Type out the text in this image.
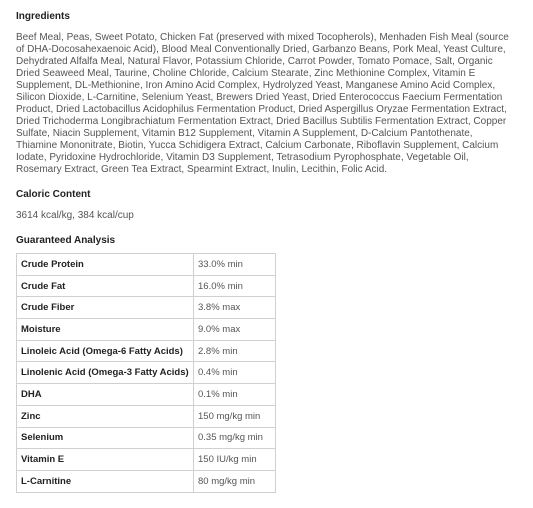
Ingredients

Beef Meal, Peas, Sweet Potato, Chicken Fat (preserved with mixed Tocopherols), Menhaden Fish Meal (source of DHA-Docosahexaenoic Acid), Blood Meal Conventionally Dried, Garbanzo Beans, Pork Meal, Yeast Culture, Dehydrated Alfalfa Meal, Natural Flavor, Potassium Chloride, Carrot Powder, Tomato Pomace, Salt, Organic Dried Seaweed Meal, Taurine, Choline Chloride, Calcium Stearate, Zinc Methionine Complex, Vitamin E Supplement, DL-Methionine, Iron Amino Acid Complex, Hydrolyzed Yeast, Manganese Amino Acid Complex, Silicon Dioxide, L-Carnitine, Selenium Yeast, Brewers Dried Yeast, Dried Enterococcus Faecium Fermentation Product, Dried Lactobacillus Acidophilus Fermentation Product, Dried Aspergillus Oryzae Fermentation Extract, Dried Trichoderma Longibrachiatum Fermentation Extract, Dried Bacillus Subtilis Fermentation Extract, Copper Sulfate, Niacin Supplement, Vitamin B12 Supplement, Vitamin A Supplement, D-Calcium Pantothenate, Thiamine Mononitrate, Biotin, Yucca Schidigera Extract, Calcium Carbonate, Riboflavin Supplement, Calcium Iodate, Pyridoxine Hydrochloride, Vitamin D3 Supplement, Tetrasodium Pyrophosphate, Vegetable Oil, Rosemary Extract, Green Tea Extract, Spearmint Extract, Inulin, Lecithin, Folic Acid.

Caloric Content

3614 kcal/kg, 384 kcal/cup

Guaranteed Analysis
Crude Protein	33.0% min
Crude Fat	16.0% min
Crude Fiber	3.8% max
Moisture	9.0% max
Linoleic Acid (Omega-6 Fatty Acids)	2.8% min
Linolenic Acid (Omega-3 Fatty Acids)	0.4% min
DHA	0.1% min
Zinc	150 mg/kg min
Selenium	0.35 mg/kg min
Vitamin E	150 IU/kg min
L-Carnitine	80 mg/kg min
